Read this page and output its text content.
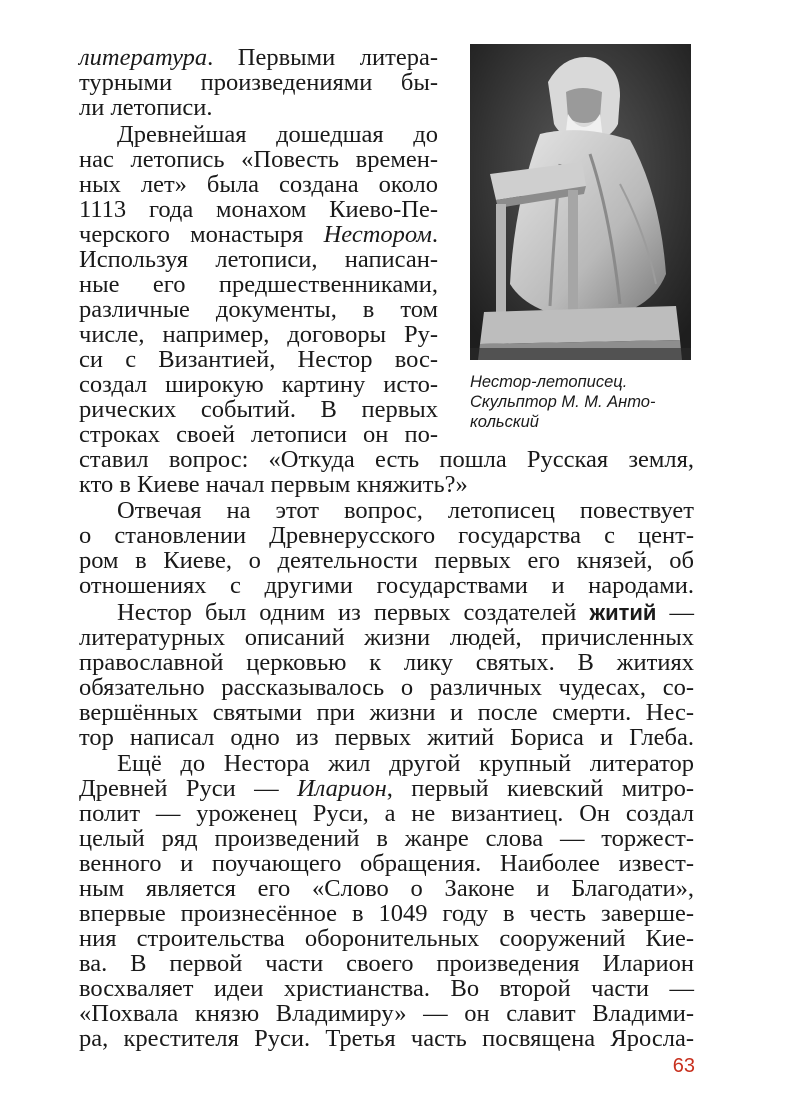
литература. Первыми литера-
турными произведениями бы-
ли летописи.
Древнейшая дошедшая до
нас летопись «Повесть времен-
ных лет» была создана около
1113 года монахом Киево-Пе-
черского монастыря Нестором.
Используя летописи, написан-
ные его предшественниками,
различные документы, в том
числе, например, договоры Ру-
си с Византией, Нестор вос-
создал широкую картину исто-
рических событий. В первых
строках своей летописи он по-
ставил вопрос: «Откуда есть пошла Русская земля,
кто в Киеве начал первым княжить?»
Нестор-летописец.
Скульптор М. М. Анто-
кольский
Отвечая на этот вопрос, летописец повествует
о становлении Древнерусского государства с цент-
ром в Киеве, о деятельности первых его князей, об
отношениях с другими государствами и народами.
Нестор был одним из первых создателей житий —
литературных описаний жизни людей, причисленных
православной церковью к лику святых. В житиях
обязательно рассказывалось о различных чудесах, со-
вершённых святыми при жизни и после смерти. Нес-
тор написал одно из первых житий Бориса и Глеба.
Ещё до Нестора жил другой крупный литератор
Древней Руси — Иларион, первый киевский митро-
полит — уроженец Руси, а не византиец. Он создал
целый ряд произведений в жанре слова — торжест-
венного и поучающего обращения. Наиболее извест-
ным является его «Слово о Законе и Благодати»,
впервые произнесённое в 1049 году в честь заверше-
ния строительства оборонительных сооружений Кие-
ва. В первой части своего произведения Иларион
восхваляет идеи христианства. Во второй части —
«Похвала князю Владимиру» — он славит Владими-
ра, крестителя Руси. Третья часть посвящена Яросла-
63
